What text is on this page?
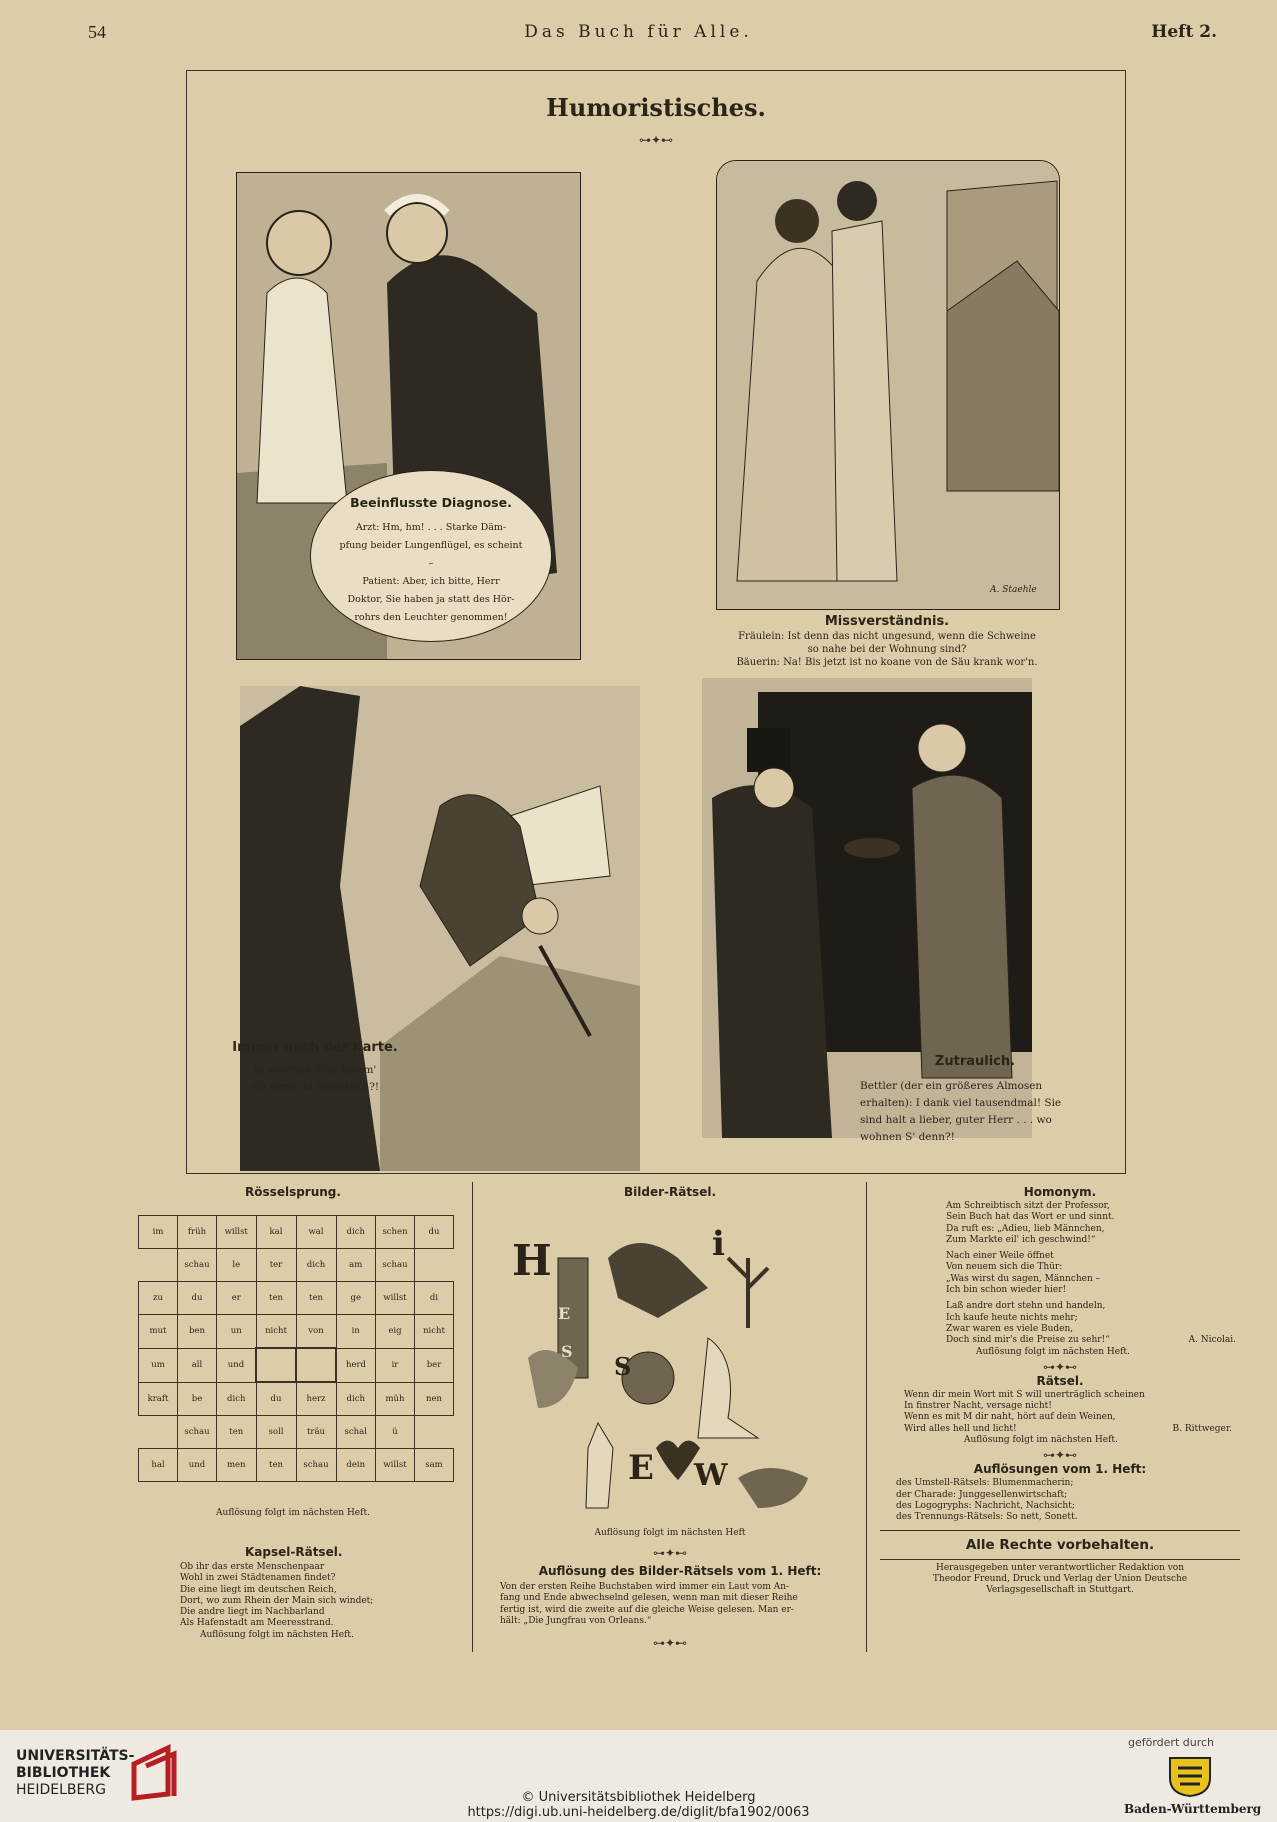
54	Das Buch für Alle.	Heft 2.
Humoristisches.
⊶✦⊷
Beeinflusste Diagnose.
Arzt: Hm, hm! . . . Starke Däm-
pfung beider Lungenflügel, es scheint –
Patient: Aber, ich bitte, Herr
Doktor, Sie haben ja statt des Hör-
rohrs den Leuchter genommen!
A. Staehle
Missverständnis.
Fräulein: Ist denn das nicht ungesund, wenn die Schweine
so nahe bei der Wohnung sind?
Bäuerin: Na! Bis jetzt ist no koane von de Säu krank wor'n.
Immer nach der Karte.
In welches Thal komm'
ich denn da eigentlich?!
Zutraulich.
Bettler (der ein größeres Almosen
erhalten): I dank viel tausendmal! Sie
sind halt a lieber, guter Herr . . . wo
wohnen S' denn?!
Rösselsprung.
im	früh	willst	kal	wal	dich	schen	du
	schau	le	ter	dich	am	schau	
zu	du	er	ten	ten	ge	willst	di
mut	ben	un	nicht	von	in	eig	nicht
um	all	und			herd	ir	ber
kraft	be	dich	du	herz	dich	müh	nen
	schau	ten	soll	träu	schal	ü	
hal	und	men	ten	schau	dein	willst	sam
Auflösung folgt im nächsten Heft.
Kapsel-Rätsel.
Ob ihr das erste Menschenpaar
Wohl in zwei Städtenamen findet?
Die eine liegt im deutschen Reich,
Dort, wo zum Rhein der Main sich windet;
Die andre liegt im Nachbarland
Als Hafenstadt am Meeresstrand.
Auflösung folgt im nächsten Heft.
Bilder-Rätsel.
H	i
E
S
S
E W
Auflösung folgt im nächsten Heft
⊶✦⊷
Auflösung des Bilder-Rätsels vom 1. Heft:
Von der ersten Reihe Buchstaben wird immer ein Laut vom An-
fang und Ende abwechselnd gelesen, wenn man mit dieser Reihe
fertig ist, wird die zweite auf die gleiche Weise gelesen. Man er-
hält: „Die Jungfrau von Orleans.“
⊶✦⊷
Homonym.
Am Schreibtisch sitzt der Professor,
Sein Buch hat das Wort er und sinnt.
Da ruft es: „Adieu, lieb Männchen,
Zum Markte eil' ich geschwind!“
Nach einer Weile öffnet
Von neuem sich die Thür:
„Was wirst du sagen, Männchen –
Ich bin schon wieder hier!
Laß andre dort stehn und handeln,
Ich kaufe heute nichts mehr;
Zwar waren es viele Buden,
Doch sind mir's die Preise zu sehr!“	A. Nicolai.
Auflösung folgt im nächsten Heft.
⊶✦⊷
Rätsel.
Wenn dir mein Wort mit S will unerträglich scheinen
In finstrer Nacht, versage nicht!
Wenn es mit M dir naht, hört auf dein Weinen,
Wird alles hell und licht!	B. Rittweger.
Auflösung folgt im nächsten Heft.
⊶✦⊷
Auflösungen vom 1. Heft:
des Umstell-Rätsels: Blumenmacherin;
der Charade: Junggesellenwirtschaft;
des Logogryphs: Nachricht, Nachsicht;
des Trennungs-Rätsels: So nett, Sonett.
Alle Rechte vorbehalten.
Herausgegeben unter verantwortlicher Redaktion von
Theodor Freund, Druck und Verlag der Union Deutsche
Verlagsgesellschaft in Stuttgart.
UNIVERSITÄTS-
BIBLIOTHEK
HEIDELBERG	© Universitätsbibliothek Heidelberg
https://digi.ub.uni-heidelberg.de/diglit/bfa1902/0063
gefördert durch
Baden-Württemberg
